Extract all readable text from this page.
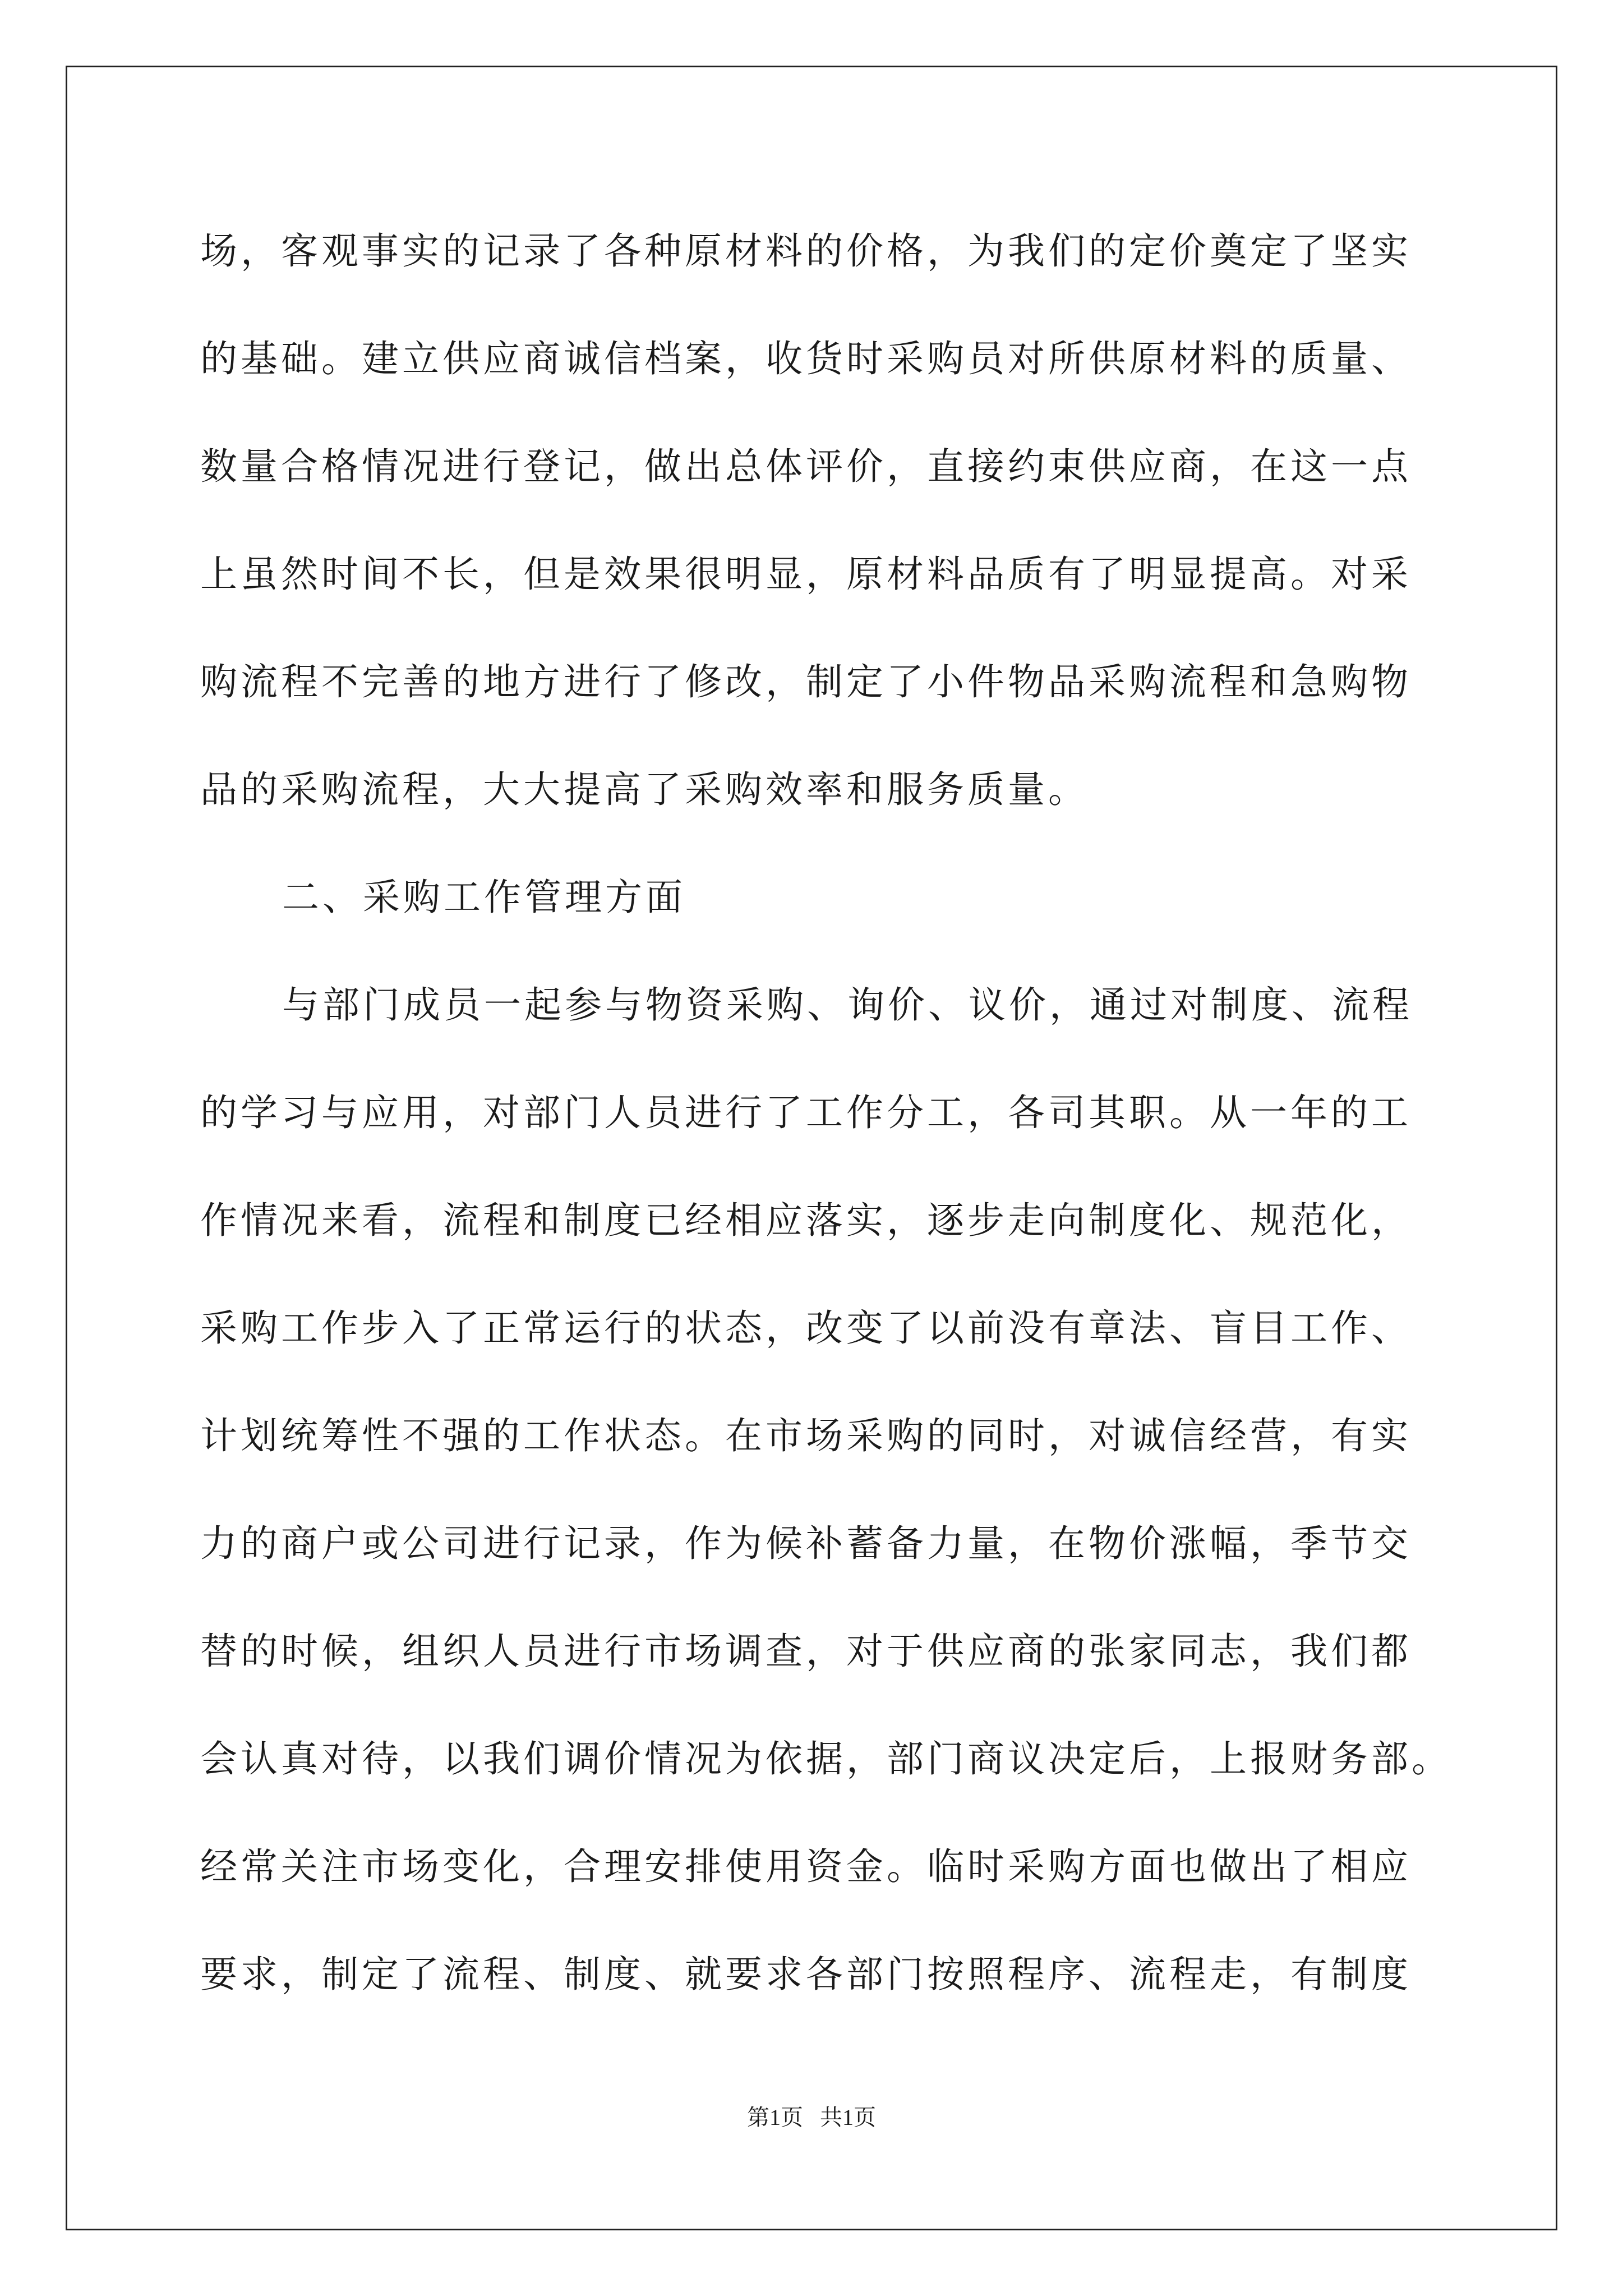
场，客观事实的记录了各种原材料的价格，为我们的定价奠定了坚实
的基础。建立供应商诚信档案，收货时采购员对所供原材料的质量、
数量合格情况进行登记，做出总体评价，直接约束供应商，在这一点
上虽然时间不长，但是效果很明显，原材料品质有了明显提高。对采
购流程不完善的地方进行了修改，制定了小件物品采购流程和急购物
品的采购流程，大大提高了采购效率和服务质量。
二、采购工作管理方面
与部门成员一起参与物资采购、询价、议价，通过对制度、流程
的学习与应用，对部门人员进行了工作分工，各司其职。从一年的工
作情况来看，流程和制度已经相应落实，逐步走向制度化、规范化，
采购工作步入了正常运行的状态，改变了以前没有章法、盲目工作、
计划统筹性不强的工作状态。在市场采购的同时，对诚信经营，有实
力的商户或公司进行记录，作为候补蓄备力量，在物价涨幅，季节交
替的时候，组织人员进行市场调查，对于供应商的张家同志，我们都
会认真对待，以我们调价情况为依据，部门商议决定后，上报财务部。
经常关注市场变化，合理安排使用资金。临时采购方面也做出了相应
要求，制定了流程、制度、就要求各部门按照程序、流程走，有制度
第1页 共1页
